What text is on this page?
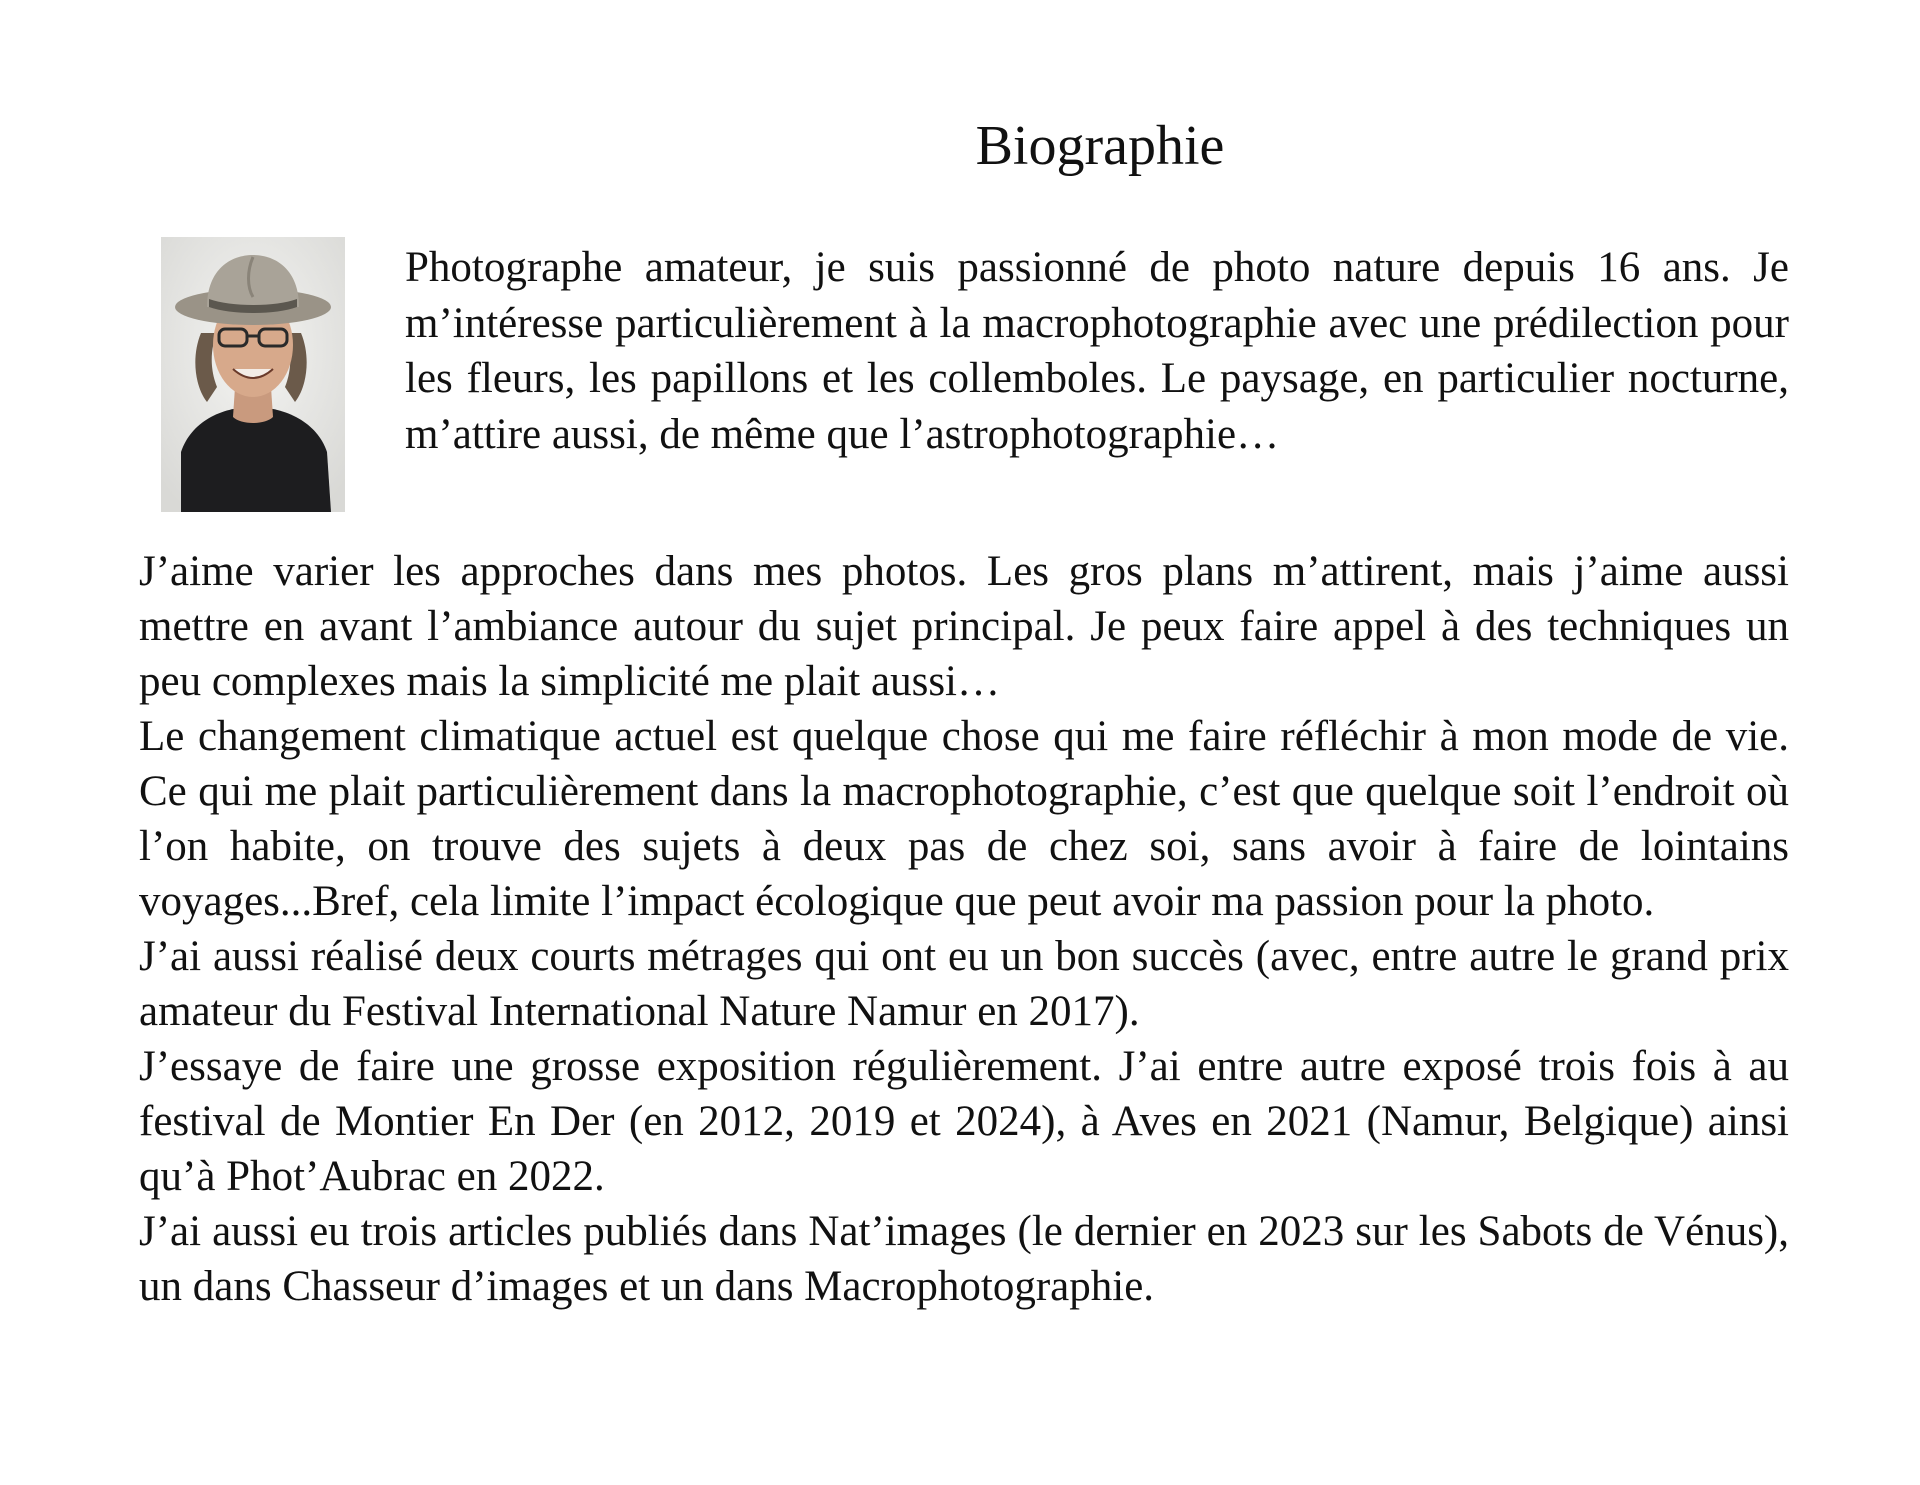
Biographie

Photographe amateur, je suis passionné de photo nature depuis 16 ans. Je m’intéresse particulièrement à la macrophotographie avec une prédilection pour les fleurs, les papillons et les collemboles. Le paysage, en particulier nocturne, m’attire aussi, de même que l’astrophotographie…

J’aime varier les approches dans mes photos. Les gros plans m’attirent, mais j’aime aussi mettre en avant l’ambiance autour du sujet principal. Je peux faire appel à des techniques un peu complexes mais la simplicité me plait aussi…

Le changement climatique actuel est quelque chose qui me faire réfléchir à mon mode de vie. Ce qui me plait particulièrement dans la macrophotographie, c’est que quelque soit l’endroit où l’on habite, on trouve des sujets à deux pas de chez soi, sans avoir à faire de lointains voyages...Bref, cela limite l’impact écologique que peut avoir ma passion pour la photo.

J’ai aussi réalisé deux courts métrages qui ont eu un bon succès (avec, entre autre le grand prix amateur du Festival International Nature Namur en 2017).

J’essaye de faire une grosse exposition régulièrement. J’ai entre autre exposé trois fois à au festival de Montier En Der (en 2012, 2019 et 2024), à Aves en 2021 (Namur, Belgique) ainsi qu’à Phot’Aubrac en 2022.

J’ai aussi eu trois articles publiés dans Nat’images (le dernier en 2023 sur les Sabots de Vénus), un dans Chasseur d’images et un dans Macrophotographie.
